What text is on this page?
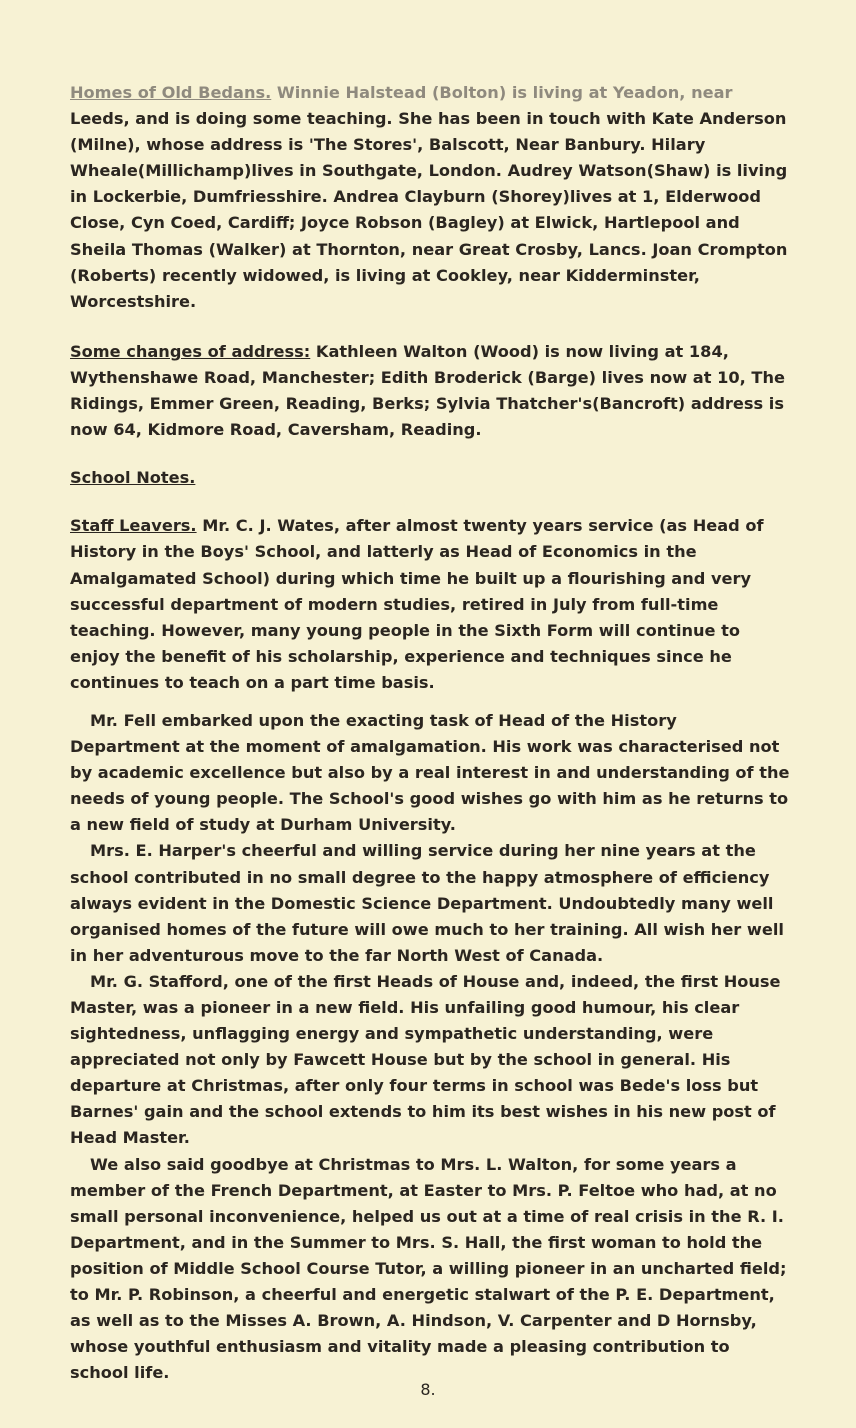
Homes of Old Bedans. Winnie Halstead (Bolton) is living at Yeadon, near Leeds, and is doing some teaching. She has been in touch with Kate Anderson (Milne), whose address is 'The Stores', Balscott, Near Banbury. Hilary Wheale(Millichamp)lives in Southgate, London. Audrey Watson(Shaw) is living in Lockerbie, Dumfriesshire. Andrea Clayburn (Shorey)lives at 1, Elderwood Close, Cyn Coed, Cardiff; Joyce Robson (Bagley) at Elwick, Hartlepool and Sheila Thomas (Walker) at Thornton, near Great Crosby, Lancs. Joan Crompton (Roberts) recently widowed, is living at Cookley, near Kidderminster, Worcestshire.

Some changes of address: Kathleen Walton (Wood) is now living at 184, Wythenshawe Road, Manchester; Edith Broderick (Barge) lives now at 10, The Ridings, Emmer Green, Reading, Berks; Sylvia Thatcher's(Bancroft) address is now 64, Kidmore Road, Caversham, Reading.

School Notes.

Staff Leavers. Mr. C. J. Wates, after almost twenty years service (as Head of History in the Boys' School, and latterly as Head of Economics in the Amalgamated School) during which time he built up a flourishing and very successful department of modern studies, retired in July from full-time teaching. However, many young people in the Sixth Form will continue to enjoy the benefit of his scholarship, experience and techniques since he continues to teach on a part time basis.

Mr. Fell embarked upon the exacting task of Head of the History Department at the moment of amalgamation. His work was characterised not by academic excellence but also by a real interest in and understanding of the needs of young people. The School's good wishes go with him as he returns to a new field of study at Durham University.

Mrs. E. Harper's cheerful and willing service during her nine years at the school contributed in no small degree to the happy atmosphere of efficiency always evident in the Domestic Science Department. Undoubtedly many well organised homes of the future will owe much to her training. All wish her well in her adventurous move to the far North West of Canada.

Mr. G. Stafford, one of the first Heads of House and, indeed, the first House Master, was a pioneer in a new field. His unfailing good humour, his clear sightedness, unflagging energy and sympathetic understanding, were appreciated not only by Fawcett House but by the school in general. His departure at Christmas, after only four terms in school was Bede's loss but Barnes' gain and the school extends to him its best wishes in his new post of Head Master.

We also said goodbye at Christmas to Mrs. L. Walton, for some years a member of the French Department, at Easter to Mrs. P. Feltoe who had, at no small personal inconvenience, helped us out at a time of real crisis in the R. I. Department, and in the Summer to Mrs. S. Hall, the first woman to hold the position of Middle School Course Tutor, a willing pioneer in an uncharted field; to Mr. P. Robinson, a cheerful and energetic stalwart of the P. E. Department, as well as to the Misses A. Brown, A. Hindson, V. Carpenter and D Hornsby, whose youthful enthusiasm and vitality made a pleasing contribution to school life.

8.
